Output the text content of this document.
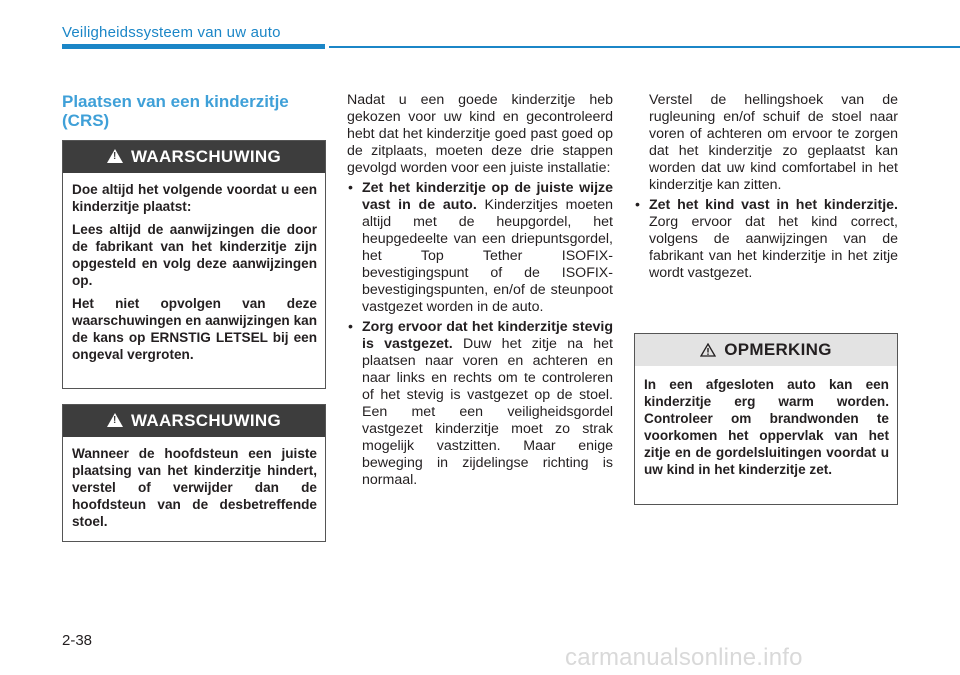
Veiligheidssysteem van uw auto
Plaatsen van een kinderzitje (CRS)
!
WAARSCHUWING

Doe altijd het volgende voordat u een kinderzitje plaatst:

Lees altijd de aanwijzingen die door de fabrikant van het kinderzitje zijn opgesteld en volg deze aanwijzingen op.

Het niet opvolgen van deze waarschuwingen en aanwijzingen kan de kans op ERNSTIG LETSEL bij een ongeval vergroten.

!
WAARSCHUWING

Wanneer de hoofdsteun een juiste plaatsing van het kinderzitje hindert, verstel of verwijder dan de hoofdsteun van de desbetreffende stoel.

Nadat u een goede kinderzitje heb gekozen voor uw kind en gecontroleerd hebt dat het kinderzitje goed past goed op de zitplaats, moeten deze drie stappen gevolgd worden voor een juiste installatie:

• Zet het kinderzitje op de juiste wijze vast in de auto. Kinderzitjes moeten altijd met de heupgordel, het heupgedeelte van een driepuntsgordel, het Top Tether ISOFIX-bevestigingspunt of de ISOFIX-bevestigingspunten, en/of de steunpoot vastgezet worden in de auto.
• Zorg ervoor dat het kinderzitje stevig is vastgezet. Duw het zitje na het plaatsen naar voren en achteren en naar links en rechts om te controleren of het stevig is vastgezet op de stoel. Een met een veiligheidsgordel vastgezet kinderzitje moet zo strak mogelijk vastzitten. Maar enige beweging in zijdelingse richting is normaal.

Verstel de hellingshoek van de rugleuning en/of schuif de stoel naar voren of achteren om ervoor te zorgen dat het kinderzitje zo geplaatst kan worden dat uw kind comfortabel in het kinderzitje kan zitten.

• Zet het kind vast in het kinderzitje. Zorg ervoor dat het kind correct, volgens de aanwijzingen van de fabrikant van het kinderzitje in het zitje wordt vastgezet.
OPMERKING

In een afgesloten auto kan een kinderzitje erg warm worden. Controleer om brandwonden te voorkomen het oppervlak van het zitje en de gordelsluitingen voordat u uw kind in het kinderzitje zet.

2-38
carmanualsonline.info
